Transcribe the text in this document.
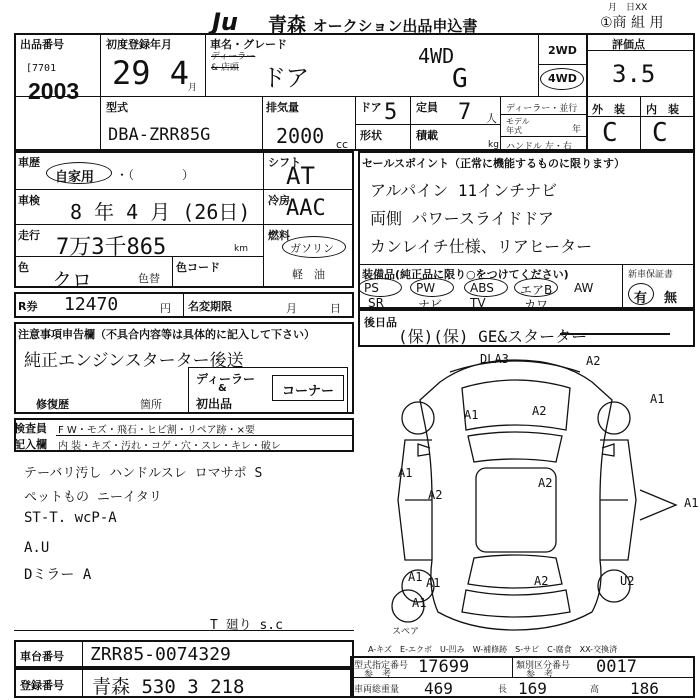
Ju 青森 オークション出品申込書
月　日XX
①商 組 用
出品番号
[7701
2003
初度登録年月
29 4
月
車名・グレード
ディーラー & 店頭 ドア
4WD
G
2WD
4WD
評価点
3.5
型式
DBA-ZRR85G
排気量
2000 cc
ドア 5
形状
定員 7 人
積載
kg
ディーラー・並行
モデル 年式	年
ハンドル 左・右
外　装 内　装
C C
車歴
自家用 ・（　　　　）
車検 8 年 4 月 (26日)
走行 7万3千865	km
色
クロ	色替
色コード
シフト
AT
冷房
AAC
燃料
ガソリン
軽　油
セールスポイント（正常に機能するものに限ります）
アルパイン 11インチナビ
両側 パワースライドドア
カンレイチ仕様、リアヒーター
装備品(純正品に限り○をつけてください)	新車保証書
有 無
R券 12470	円 名変期限	月	日
後日品
(保)(保) GE&スターター
注意事項申告欄（不具合内容等は具体的に記入して下さい）
純正エンジンスターター後送
修復歴	箇所
ディーラー
&
初出品
コーナー
検査員
記入欄
F W・モズ・飛石・ヒビ割・リペア跡・×要
内 装・キズ・汚れ・コゲ・穴・スレ・キレ・破レ
テーバリ汚し ハンドルスレ ロマサポ S
ペットもの ニーイタリ
ST-T. wcP-A
A.U
Dミラー A
T 廻り s.c	スペア
A-キズ　E-エクボ　U-凹み　W-補修跡　S-サビ　C-腐食　XX-交換済
車台番号 ZRR85-0074329
登録番号 青森 530 3 218
型式指定番号
参　考 17699	類別区分番号
参　考	0017
車両総重量 469	長 169	高 186
PS	PW	ABS エアB AW
SR	ナビ TV	カワ
DLA3	A2
A1
A2
A1
A1
A2
A2
A1
A1	A2
A1	U2
A1
